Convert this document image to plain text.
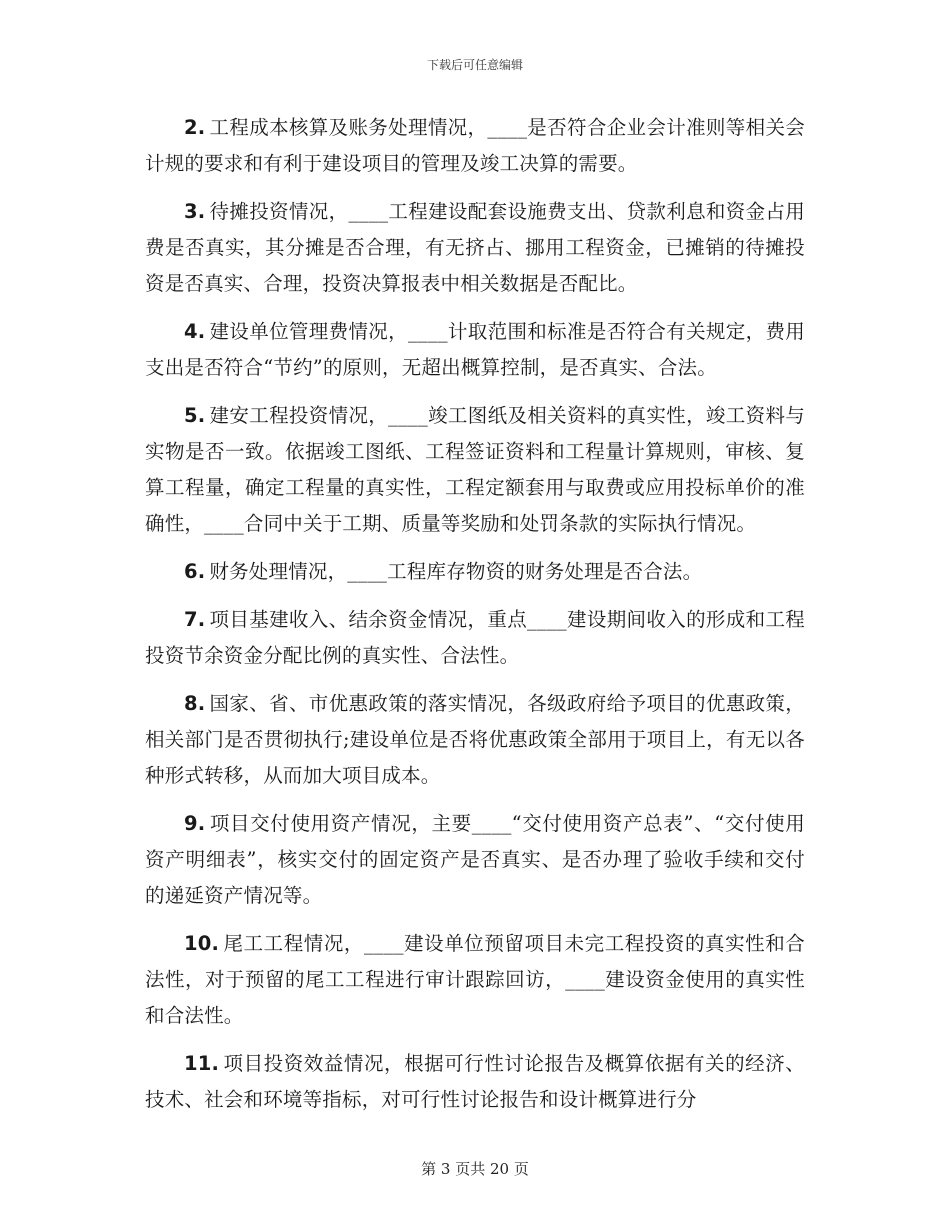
下载后可任意编辑

2. 工程成本核算及账务处理情况，____是否符合企业会计准则等相关会计规的要求和有利于建设项目的管理及竣工决算的需要。

3. 待摊投资情况，____工程建设配套设施费支出、贷款利息和资金占用费是否真实，其分摊是否合理，有无挤占、挪用工程资金，已摊销的待摊投资是否真实、合理，投资决算报表中相关数据是否配比。

4. 建设单位管理费情况，____计取范围和标准是否符合有关规定，费用支出是否符合“节约”的原则，无超出概算控制，是否真实、合法。

5. 建安工程投资情况，____竣工图纸及相关资料的真实性，竣工资料与实物是否一致。依据竣工图纸、工程签证资料和工程量计算规则，审核、复算工程量，确定工程量的真实性，工程定额套用与取费或应用投标单价的准确性，____合同中关于工期、质量等奖励和处罚条款的实际执行情况。

6. 财务处理情况，____工程库存物资的财务处理是否合法。

7. 项目基建收入、结余资金情况，重点____建设期间收入的形成和工程投资节余资金分配比例的真实性、合法性。

8. 国家、省、市优惠政策的落实情况，各级政府给予项目的优惠政策，相关部门是否贯彻执行;建设单位是否将优惠政策全部用于项目上，有无以各种形式转移，从而加大项目成本。

9. 项目交付使用资产情况，主要____“交付使用资产总表”、“交付使用资产明细表”，核实交付的固定资产是否真实、是否办理了验收手续和交付的递延资产情况等。

10. 尾工工程情况，____建设单位预留项目未完工程投资的真实性和合法性，对于预留的尾工工程进行审计跟踪回访，____建设资金使用的真实性和合法性。

11. 项目投资效益情况，根据可行性讨论报告及概算依据有关的经济、技术、社会和环境等指标，对可行性讨论报告和设计概算进行分

第 3 页共 20 页
